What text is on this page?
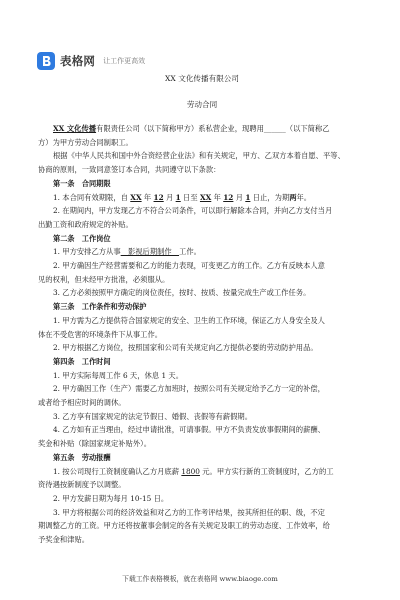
表格网 让工作更高效
XX 文化传播有限公司
劳动合同

XX 文化传播有限责任公司（以下简称甲方）系私营企业，现聘用______（以下简称乙

方）为甲方劳动合同制职工。

根据《中华人民共和国中外合资经营企业法》和有关规定，甲方、乙双方本着自愿、平等、

协商的原则，一致同意签订本合同，共同遵守以下条款：

第一条　合同期限

1. 本合同有效期限，自 XX 年 12 月 1 日至 XX 年 12 月 1 日止，为期两年。

2. 在期间内，甲方发现乙方不符合公司条件，可以即行解除本合同，并向乙方支付当月

出勤工资和政府规定的补贴。

第二条　工作岗位

1. 甲方安排乙方从事　影视后期制作　工作。

2. 甲方确因生产经营需要和乙方的能力表现，可变更乙方的工作。乙方有反映本人意

见的权利，但未经甲方批准，必须服从。

3. 乙方必须按照甲方确定的岗位责任，按时、按质、按量完成生产或工作任务。

第三条　工作条件和劳动保护

1. 甲方需为乙方提供符合国家规定的安全、卫生的工作环境，保证乙方人身安全及人

体在不受危害的环境条件下从事工作。

2. 甲方根据乙方岗位，按照国家和公司有关规定向乙方提供必要的劳动防护用品。

第四条　工作时间

1. 甲方实际每周工作 6 天，休息 1 天。

2. 甲方确因工作（生产）需要乙方加班时，按照公司有关规定给予乙方一定的补偿，

或者给予相应时间的调休。

3. 乙方享有国家规定的法定节假日、婚假、丧假等有薪假期。

4. 乙方如有正当理由，经过申请批准，可请事假。甲方不负责发放事假期间的薪酬、

奖金和补贴（除国家规定补贴外）。

第五条　劳动报酬

1. 按公司现行工资制度确认乙方月底薪 1800 元。甲方实行新的工资制度时，乙方的工

资待遇按新制度予以调整。

2. 甲方发薪日期为每月 10-15 日。

3. 甲方将根据公司的经济效益和对乙方的工作考评结果，按其所担任的职、级，不定

期调整乙方的工资。甲方还将按董事会制定的各有关规定及职工的劳动态度、工作效率，给

予奖金和津贴。

下载工作表格模板，就在表格网 www.biaoge.com
